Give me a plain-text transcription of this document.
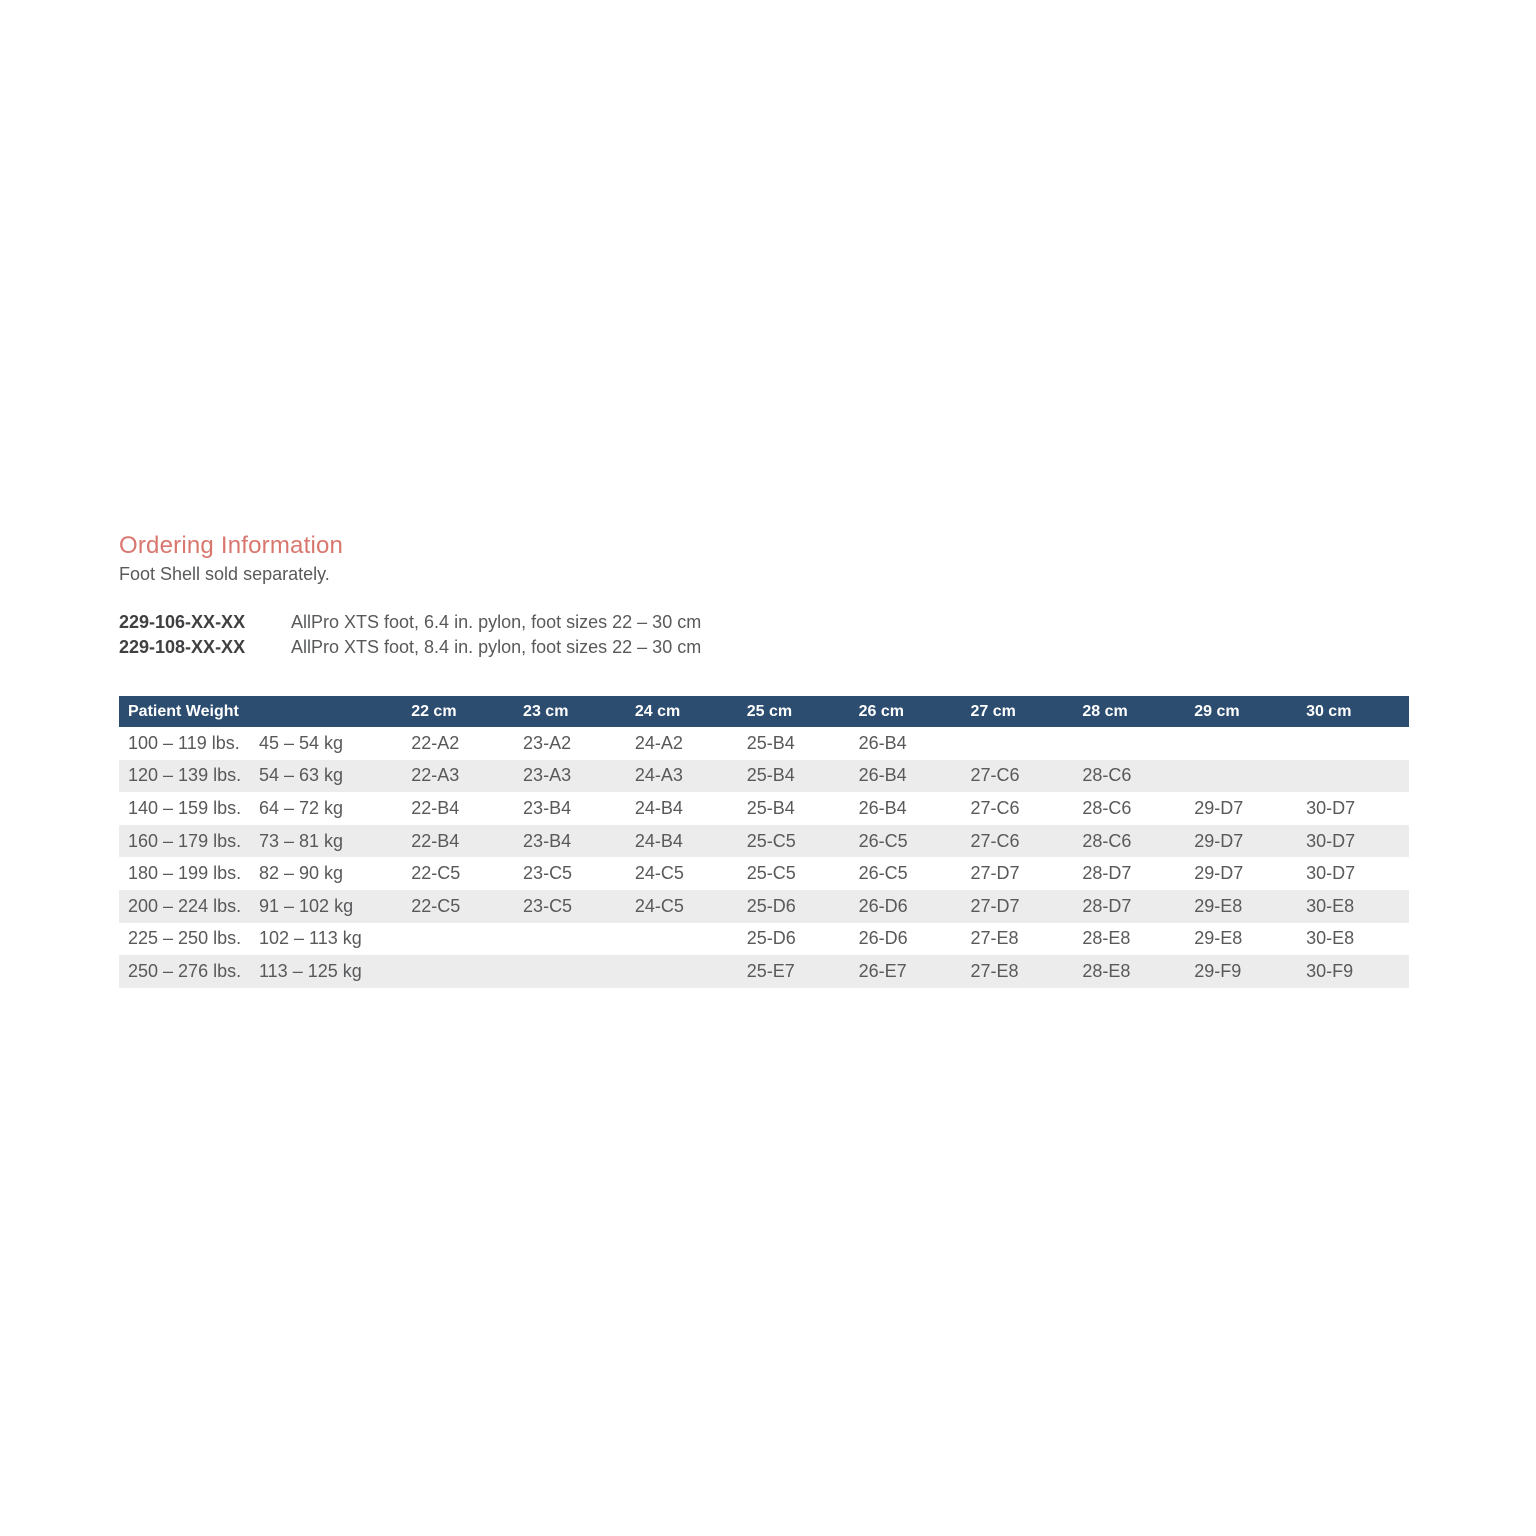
Ordering Information

Foot Shell sold separately.

229-106-XX-XX	AllPro XTS foot, 6.4 in. pylon, foot sizes 22 – 30 cm
229-108-XX-XX	AllPro XTS foot, 8.4 in. pylon, foot sizes 22 – 30 cm
Patient Weight		22 cm	23 cm	24 cm	25 cm	26 cm	27 cm	28 cm	29 cm	30 cm
100 – 119 lbs.	45 – 54 kg	22-A2	23-A2	24-A2	25-B4	26-B4				
120 – 139 lbs.	54 – 63 kg	22-A3	23-A3	24-A3	25-B4	26-B4	27-C6	28-C6		
140 – 159 lbs.	64 – 72 kg	22-B4	23-B4	24-B4	25-B4	26-B4	27-C6	28-C6	29-D7	30-D7
160 – 179 lbs.	73 – 81 kg	22-B4	23-B4	24-B4	25-C5	26-C5	27-C6	28-C6	29-D7	30-D7
180 – 199 lbs.	82 – 90 kg	22-C5	23-C5	24-C5	25-C5	26-C5	27-D7	28-D7	29-D7	30-D7
200 – 224 lbs.	91 – 102 kg	22-C5	23-C5	24-C5	25-D6	26-D6	27-D7	28-D7	29-E8	30-E8
225 – 250 lbs.	102 – 113 kg				25-D6	26-D6	27-E8	28-E8	29-E8	30-E8
250 – 276 lbs.	113 – 125 kg				25-E7	26-E7	27-E8	28-E8	29-F9	30-F9
